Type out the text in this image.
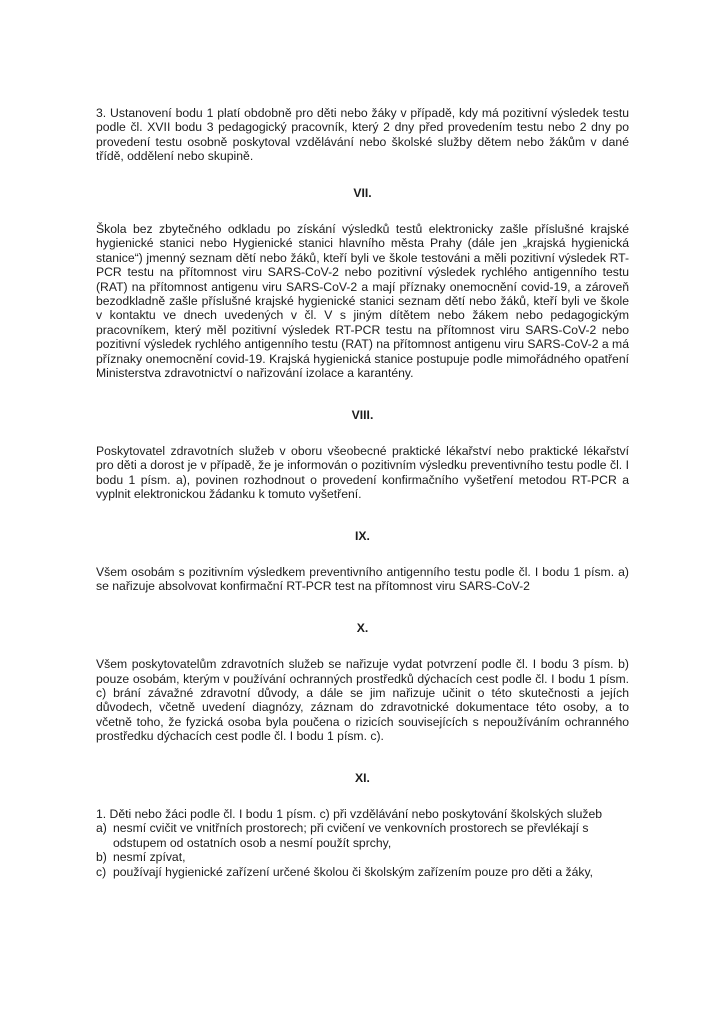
3. Ustanovení bodu 1 platí obdobně pro děti nebo žáky v případě, kdy má pozitivní výsledek testu podle čl. XVII bodu 3 pedagogický pracovník, který 2 dny před provedením testu nebo 2 dny po provedení testu osobně poskytoval vzdělávání nebo školské služby dětem nebo žákům v dané třídě, oddělení nebo skupině.

VII.

Škola bez zbytečného odkladu po získání výsledků testů elektronicky zašle příslušné krajské hygienické stanici nebo Hygienické stanici hlavního města Prahy (dále jen „krajská hygienická stanice“) jmenný seznam dětí nebo žáků, kteří byli ve škole testováni a měli pozitivní výsledek RT-PCR testu na přítomnost viru SARS-CoV-2 nebo pozitivní výsledek rychlého antigenního testu (RAT) na přítomnost antigenu viru SARS-CoV-2 a mají příznaky onemocnění covid-19, a zároveň bezodkladně zašle příslušné krajské hygienické stanici seznam dětí nebo žáků, kteří byli ve škole v kontaktu ve dnech uvedených v čl. V s jiným dítětem nebo žákem nebo pedagogickým pracovníkem, který měl pozitivní výsledek RT-PCR testu na přítomnost viru SARS-CoV-2 nebo pozitivní výsledek rychlého antigenního testu (RAT) na přítomnost antigenu viru SARS-CoV-2 a má příznaky onemocnění covid-19. Krajská hygienická stanice postupuje podle mimořádného opatření Ministerstva zdravotnictví o nařizování izolace a karantény.

VIII.

Poskytovatel zdravotních služeb v oboru všeobecné praktické lékařství nebo praktické lékařství pro děti a dorost je v případě, že je informován o pozitivním výsledku preventivního testu podle čl. I bodu 1 písm. a), povinen rozhodnout o provedení konfirmačního vyšetření metodou RT-PCR a vyplnit elektronickou žádanku k tomuto vyšetření.

IX.

Všem osobám s pozitivním výsledkem preventivního antigenního testu podle čl. I bodu 1 písm. a) se nařizuje absolvovat konfirmační RT-PCR test na přítomnost viru SARS-CoV-2

X.

Všem poskytovatelům zdravotních služeb se nařizuje vydat potvrzení podle čl. I bodu 3 písm. b) pouze osobám, kterým v používání ochranných prostředků dýchacích cest podle čl. I bodu 1 písm. c) brání závažné zdravotní důvody, a dále se jim nařizuje učinit o této skutečnosti a jejích důvodech, včetně uvedení diagnózy, záznam do zdravotnické dokumentace této osoby, a to včetně toho, že fyzická osoba byla poučena o rizicích souvisejících s nepoužíváním ochranného prostředku dýchacích cest podle čl. I bodu 1 písm. c).

XI.

1. Děti nebo žáci podle čl. I bodu 1 písm. c) při vzdělávání nebo poskytování školských služeb

a) nesmí cvičit ve vnitřních prostorech; při cvičení ve venkovních prostorech se převlékají s odstupem od ostatních osob a nesmí použít sprchy,
b) nesmí zpívat,
c) používají hygienické zařízení určené školou či školským zařízením pouze pro děti a žáky,
